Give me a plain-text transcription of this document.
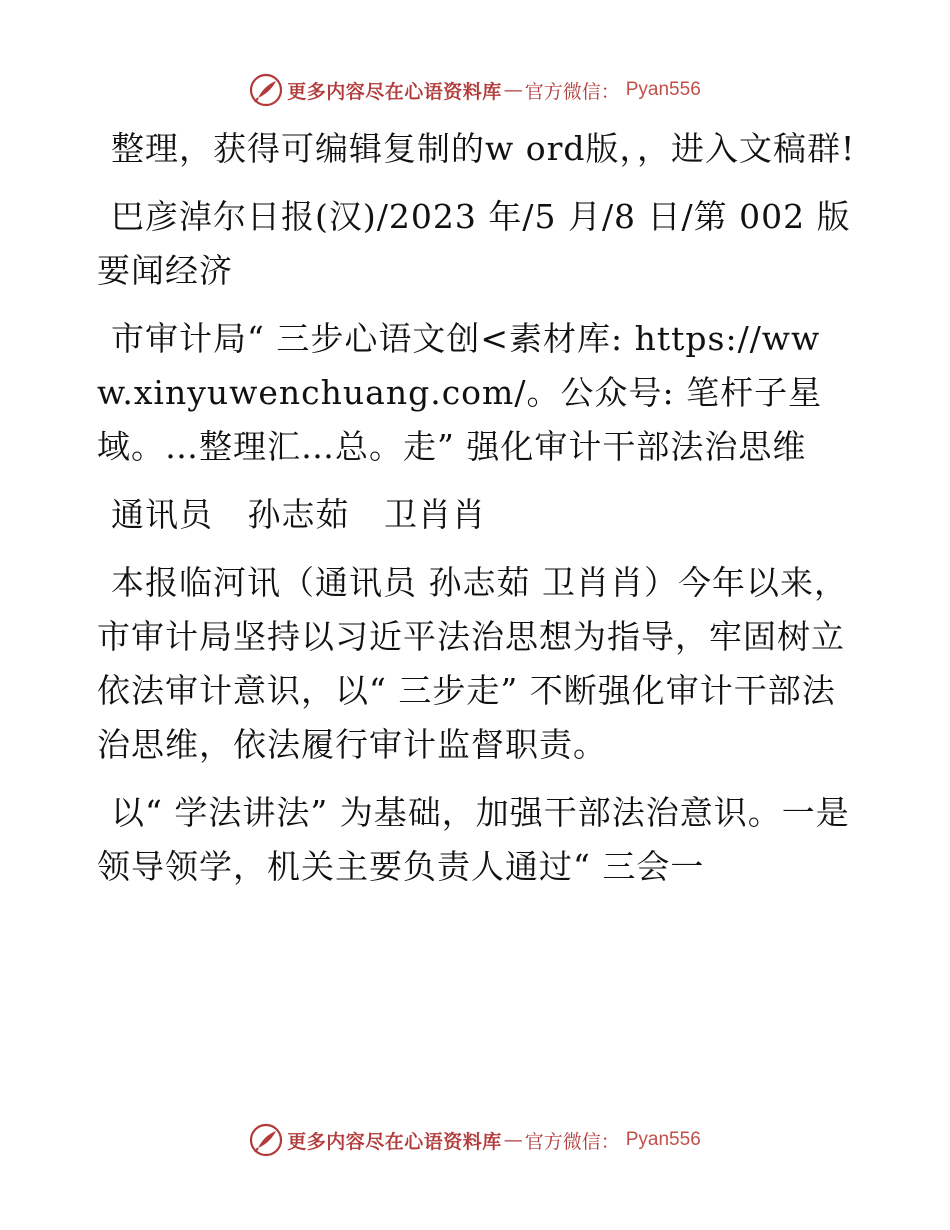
更多内容尽在心语资料库 — 官方微信： Pyan556

整理，获得可编辑复制的w ord版，，进入文稿群!

巴彦淖尔日报(汉)/2023 年/5 月/8 日/第 002 版要闻经济

市审计局“ 三步心语文创<素材库: https://www.xinyuwenchuang.com/。公众号: 笔杆子星域。…整理汇…总。走” 强化审计干部法治思维

通讯员   孙志茹   卫肖肖

本报临河讯（通讯员 孙志茹 卫肖肖）今年以来，市审计局坚持以习近平法治思想为指导，牢固树立依法审计意识，以“ 三步走” 不断强化审计干部法治思维，依法履行审计监督职责。

以“ 学法讲法” 为基础，加强干部法治意识。一是领导领学，机关主要负责人通过“ 三会一

更多内容尽在心语资料库 — 官方微信： Pyan556
